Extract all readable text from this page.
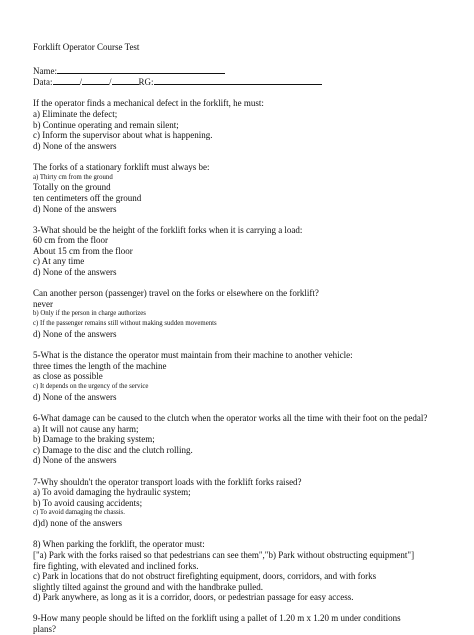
Forklift Operator Course Test
Name:
Data:	/	/	RG:
If the operator finds a mechanical defect in the forklift, he must:
a) Eliminate the defect;
b) Continue operating and remain silent;
c) Inform the supervisor about what is happening.
d) None of the answers
The forks of a stationary forklift must always be:
a) Thirty cm from the ground
Totally on the ground
ten centimeters off the ground
d) None of the answers
3-What should be the height of the forklift forks when it is carrying a load:
60 cm from the floor
About 15 cm from the floor
c) At any time
d) None of the answers
Can another person (passenger) travel on the forks or elsewhere on the forklift?
never
b) Only if the person in charge authorizes
c) If the passenger remains still without making sudden movements
d) None of the answers
5-What is the distance the operator must maintain from their machine to another vehicle:
three times the length of the machine
as close as possible
c) It depends on the urgency of the service
d) None of the answers
6-What damage can be caused to the clutch when the operator works all the time with their foot on the pedal?
a) It will not cause any harm;
b) Damage to the braking system;
c) Damage to the disc and the clutch rolling.
d) None of the answers
7-Why shouldn't the operator transport loads with the forklift forks raised?
a) To avoid damaging the hydraulic system;
b) To avoid causing accidents;
c) To avoid damaging the chassis.
d)d) none of the answers
8) When parking the forklift, the operator must:
["a) Park with the forks raised so that pedestrians can see them","b) Park without obstructing equipment"]
fire fighting, with elevated and inclined forks.
c) Park in locations that do not obstruct firefighting equipment, doors, corridors, and with forks
slightly tilted against the ground and with the handbrake pulled.
d) Park anywhere, as long as it is a corridor, doors, or pedestrian passage for easy access.
9-How many people should be lifted on the forklift using a pallet of 1.20 m x 1.20 m under conditions
plans?
